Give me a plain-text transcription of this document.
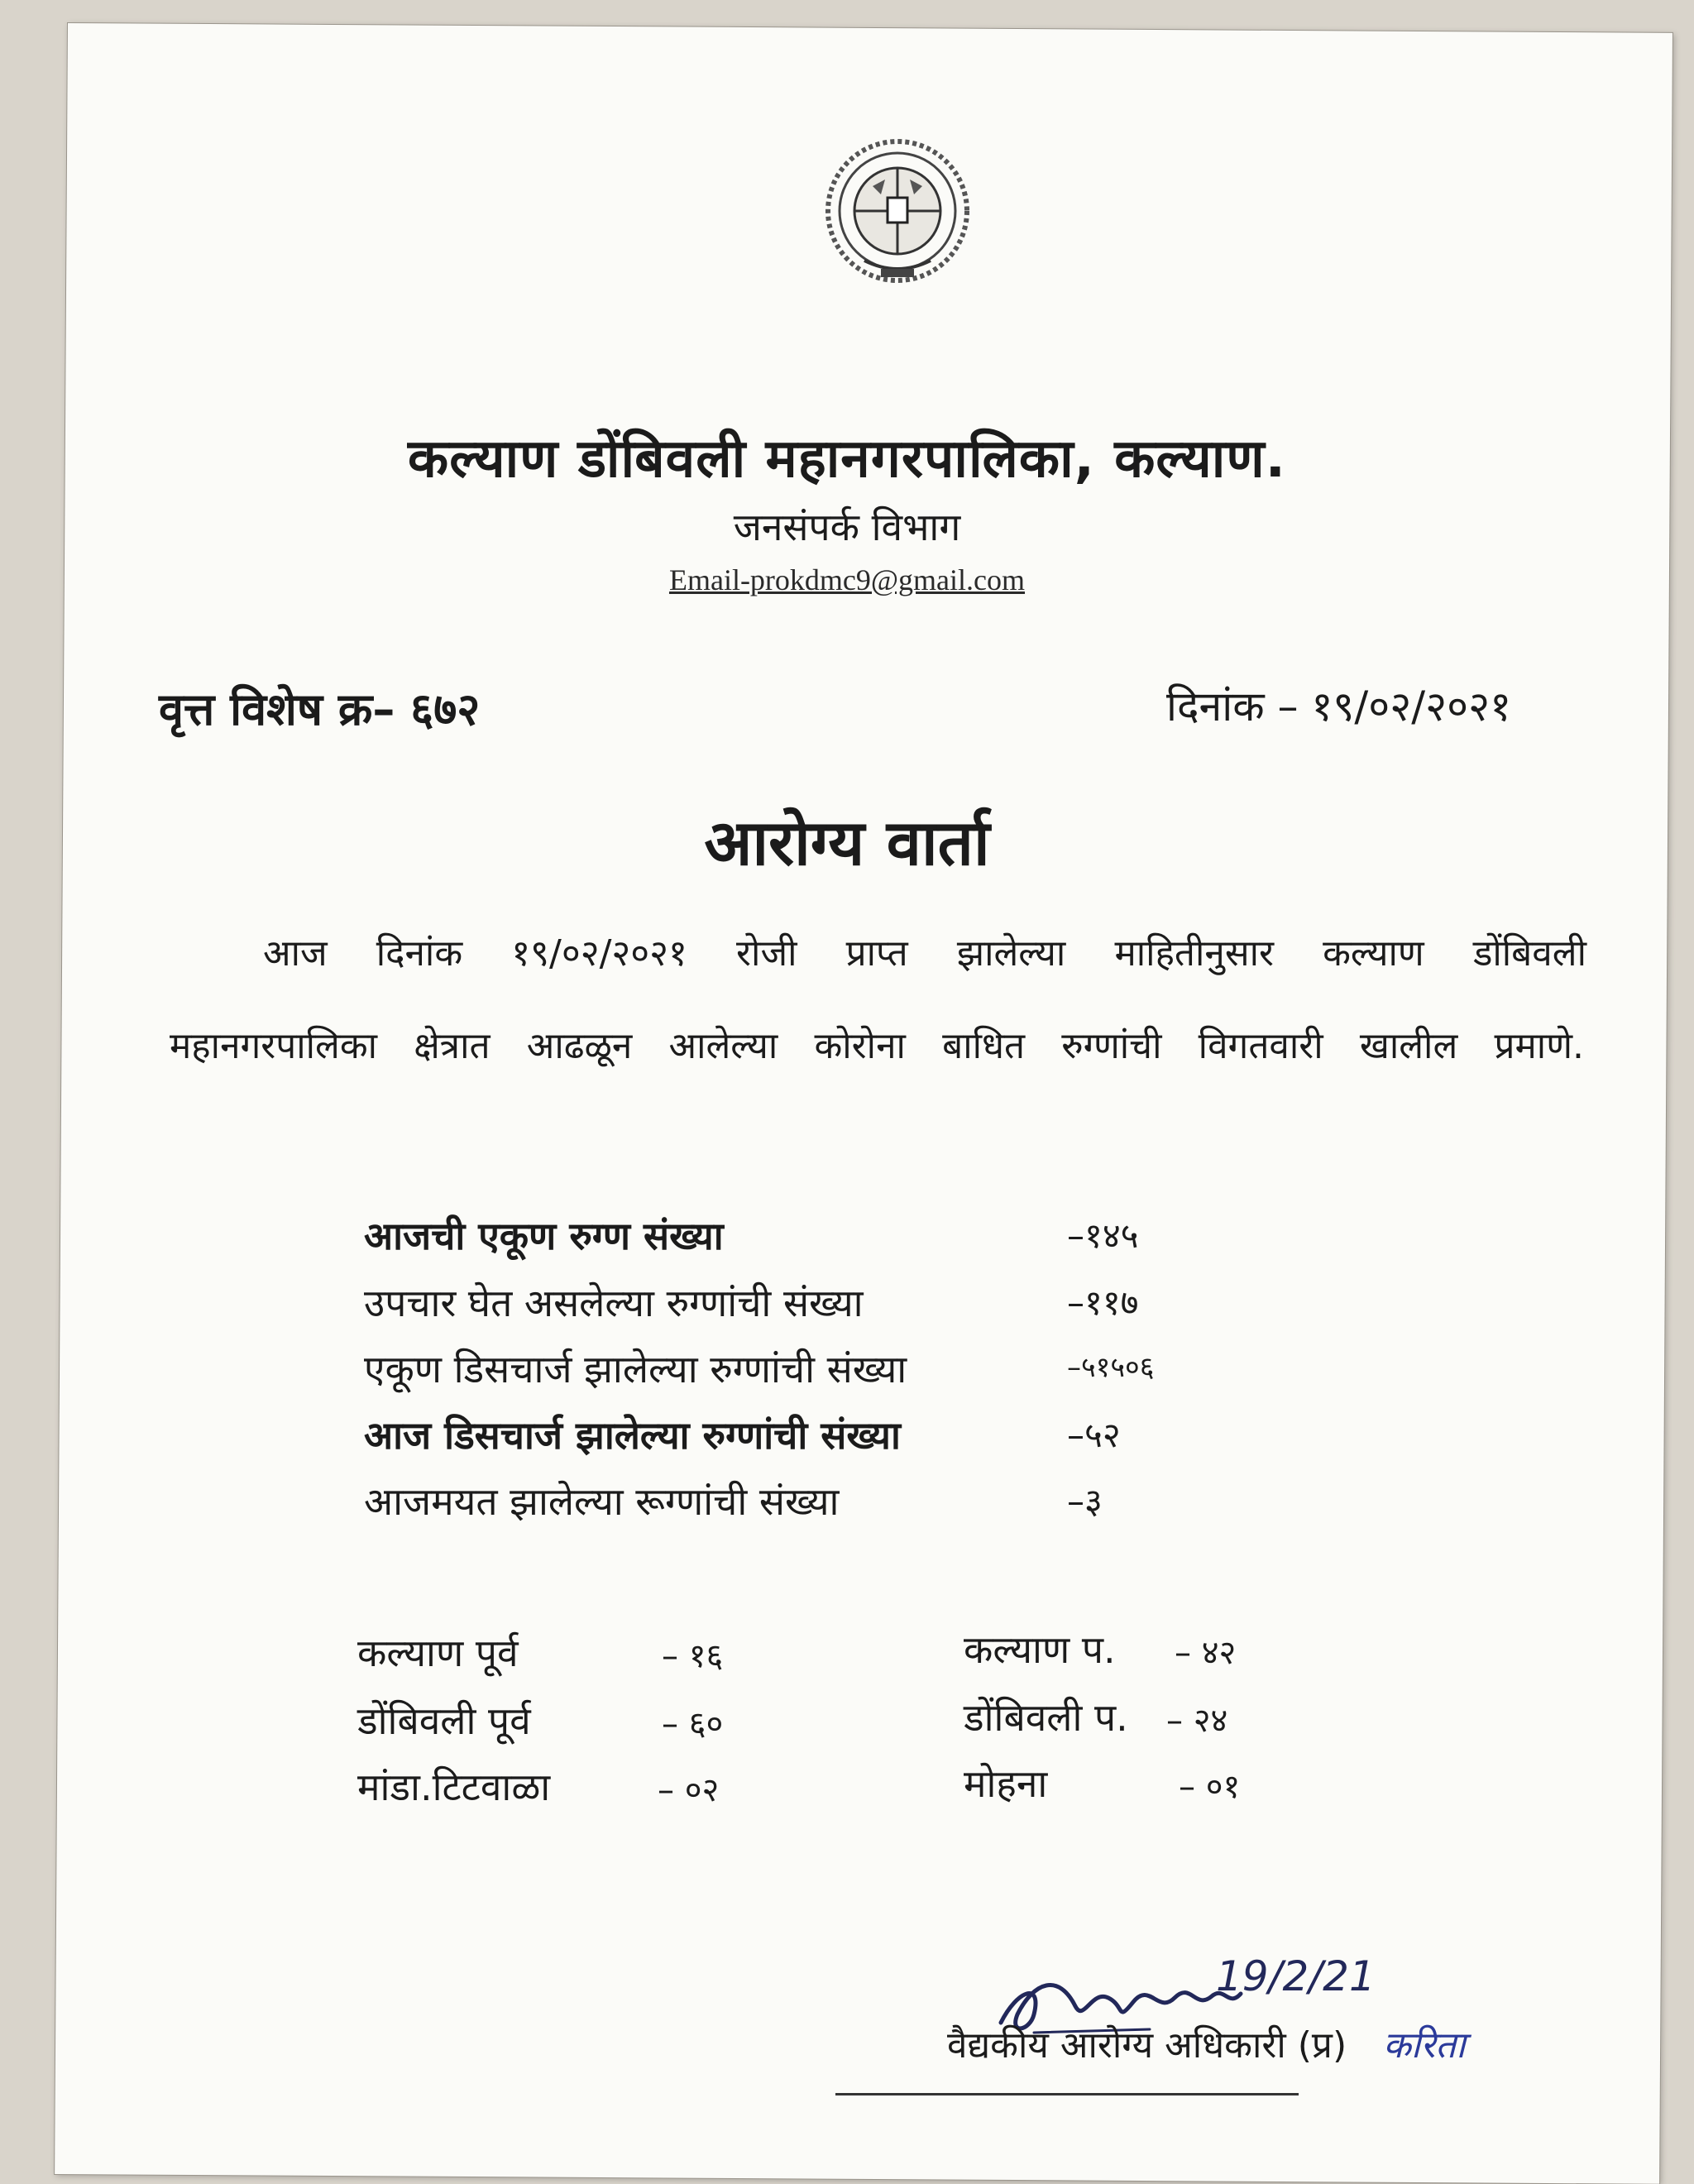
कल्याण डोंबिवली महानगरपालिका, कल्याण.
जनसंपर्क विभाग
Email-prokdmc9@gmail.com
वृत्त विशेष क्र– ६७२	दिनांक – १९/०२/२०२१
आरोग्य वार्ता
आज दिनांक १९/०२/२०२१ रोजी प्राप्त झालेल्या माहितीनुसार कल्याण डोंबिवली
महानगरपालिका क्षेत्रात आढळून आलेल्या कोरोना बाधित रुग्णांची विगतवारी खालील प्रमाणे.
आजची एकूण रुग्ण संख्या	–१४५
उपचार घेत असलेल्या रुग्णांची संख्या	–११७
एकूण डिसचार्ज झालेल्या रुग्णांची संख्या	–५१५०६
आज डिसचार्ज झालेल्या रुग्णांची संख्या	–५२
आजमयत झालेल्या रूग्णांची संख्या	–३
कल्याण पूर्व	– १६	कल्याण प. – ४२
डोंबिवली पूर्व	– ६०	डोंबिवली प. – २४
मांडा.टिटवाळा	– ०२	मोहना	– ०१
19/2/21
वैद्यकीय आरोग्य अधिकारी (प्र) करिता
